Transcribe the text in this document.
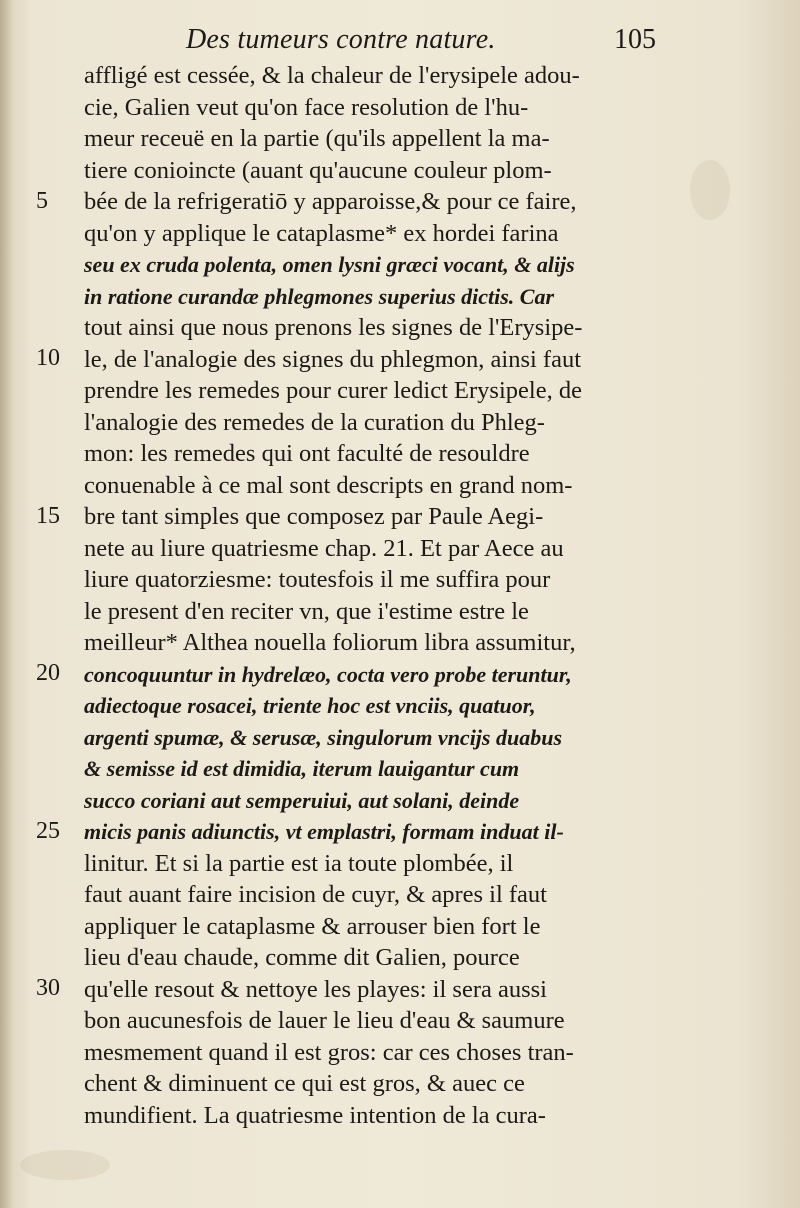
Des tumeurs contre nature.	105
5
10
15
20
25
30
affligé est cessée, & la chaleur de l'erysipele adou-
cie, Galien veut qu'on face resolution de l'hu-
meur receuë en la partie (qu'ils appellent la ma-
tiere conioincte (auant qu'aucune couleur plom-
bée de la refrigeratiō y apparoisse,& pour ce faire,
qu'on y applique le cataplasme* ex hordei farina
seu ex cruda polenta, omen lysni græci vocant, & alijs
in ratione curandæ phlegmones superius dictis. Car
tout ainsi que nous prenons les signes de l'Erysipe-
le, de l'analogie des signes du phlegmon, ainsi faut
prendre les remedes pour curer ledict Erysipele, de
l'analogie des remedes de la curation du Phleg-
mon: les remedes qui ont faculté de resouldre
conuenable à ce mal sont descripts en grand nom-
bre tant simples que composez par Paule Aegi-
nete au liure quatriesme chap. 21. Et par Aece au
liure quatorziesme: toutesfois il me suffira pour
le present d'en reciter vn, que i'estime estre le
meilleur* Althea nouella foliorum libra assumitur,
concoquuntur in hydrelæo, cocta vero probe teruntur,
adiectoque rosacei, triente hoc est vnciis, quatuor,
argenti spumæ, & serusæ, singulorum vncijs duabus
& semisse id est dimidia, iterum lauigantur cum
succo coriani aut semperuiui, aut solani, deinde
micis panis adiunctis, vt emplastri, formam induat il-
linitur. Et si la partie est ia toute plombée, il
faut auant faire incision de cuyr, & apres il faut
appliquer le cataplasme & arrouser bien fort le
lieu d'eau chaude, comme dit Galien, pource
qu'elle resout & nettoye les playes: il sera aussi
bon aucunesfois de lauer le lieu d'eau & saumure
mesmement quand il est gros: car ces choses tran-
chent & diminuent ce qui est gros, & auec ce
mundifient. La quatriesme intention de la cura-
